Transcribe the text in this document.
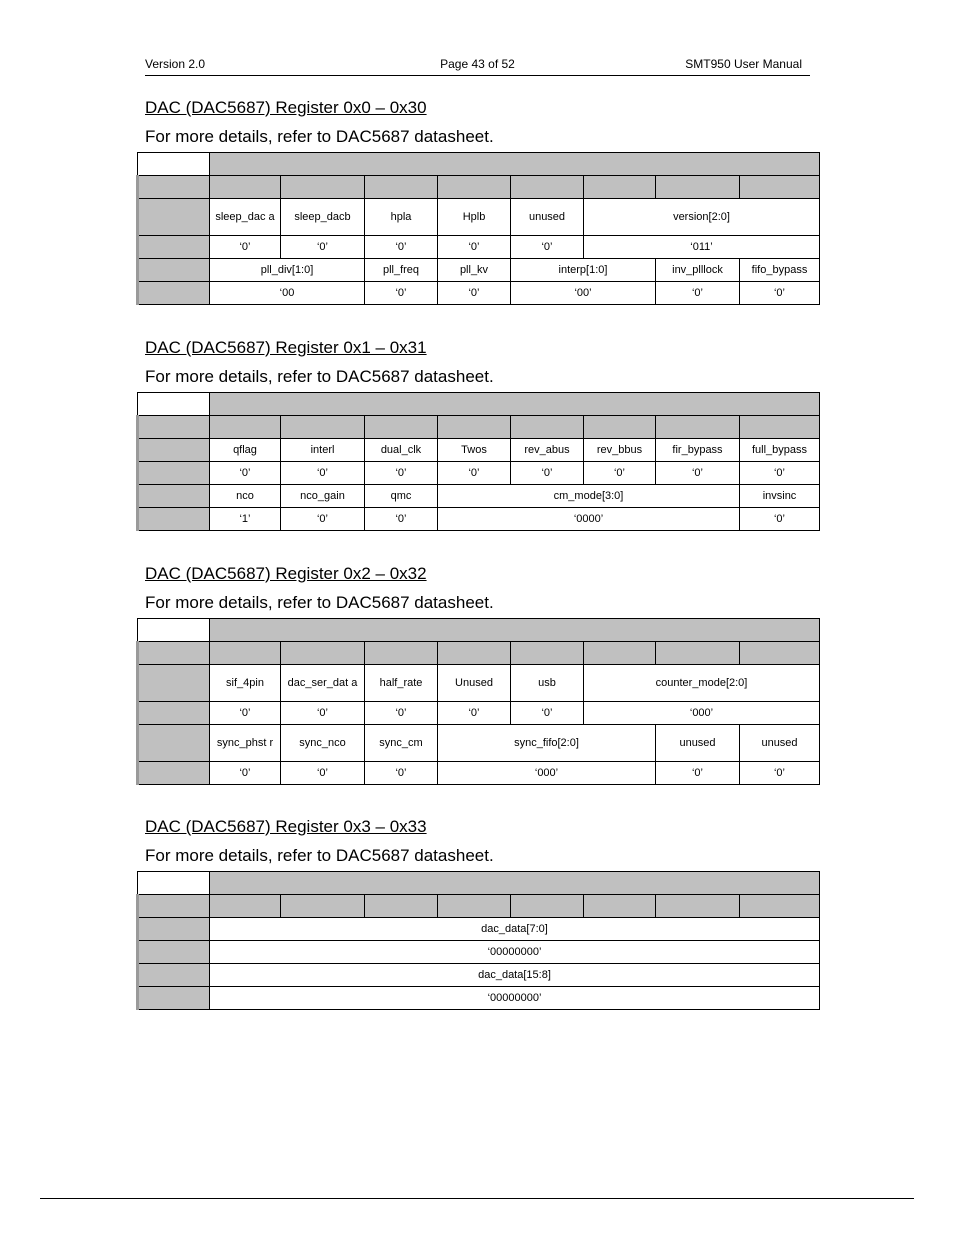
Version 2.0	Page 43 of 52	SMT950 User Manual
DAC (DAC5687) Register 0x0 – 0x30
For more details, refer to DAC5687 datasheet.

	sleep_dac a	sleep_dacb	hpla	Hplb	unused	version[2:0]		
	‘0’	‘0’	‘0’	‘0’	‘0’	‘011’		
	pll_div[1:0]		pll_freq	pll_kv	interp[1:0]		inv_plllock	fifo_bypass
	‘00		‘0’	‘0’	‘00’		‘0’	‘0’
DAC (DAC5687) Register 0x1 – 0x31
For more details, refer to DAC5687 datasheet.

	qflag	interl	dual_clk	Twos	rev_abus	rev_bbus	fir_bypass	full_bypass
	‘0’	‘0’	‘0’	‘0’	‘0’	‘0’	‘0’	‘0’
	nco	nco_gain	qmc	cm_mode[3:0]				invsinc
	‘1’	‘0’	‘0’	‘0000’				‘0’
DAC (DAC5687) Register 0x2 – 0x32
For more details, refer to DAC5687 datasheet.

	sif_4pin	dac_ser_dat a	half_rate	Unused	usb	counter_mode[2:0]		
	‘0’	‘0’	‘0’	‘0’	‘0’	‘000’		
	sync_phst r	sync_nco	sync_cm	sync_fifo[2:0]			unused	unused
	‘0’	‘0’	‘0’	‘000’			‘0’	‘0’
DAC (DAC5687) Register 0x3 – 0x33
For more details, refer to DAC5687 datasheet.

	dac_data[7:0]							
	‘00000000’							
	dac_data[15:8]							
	‘00000000’							
